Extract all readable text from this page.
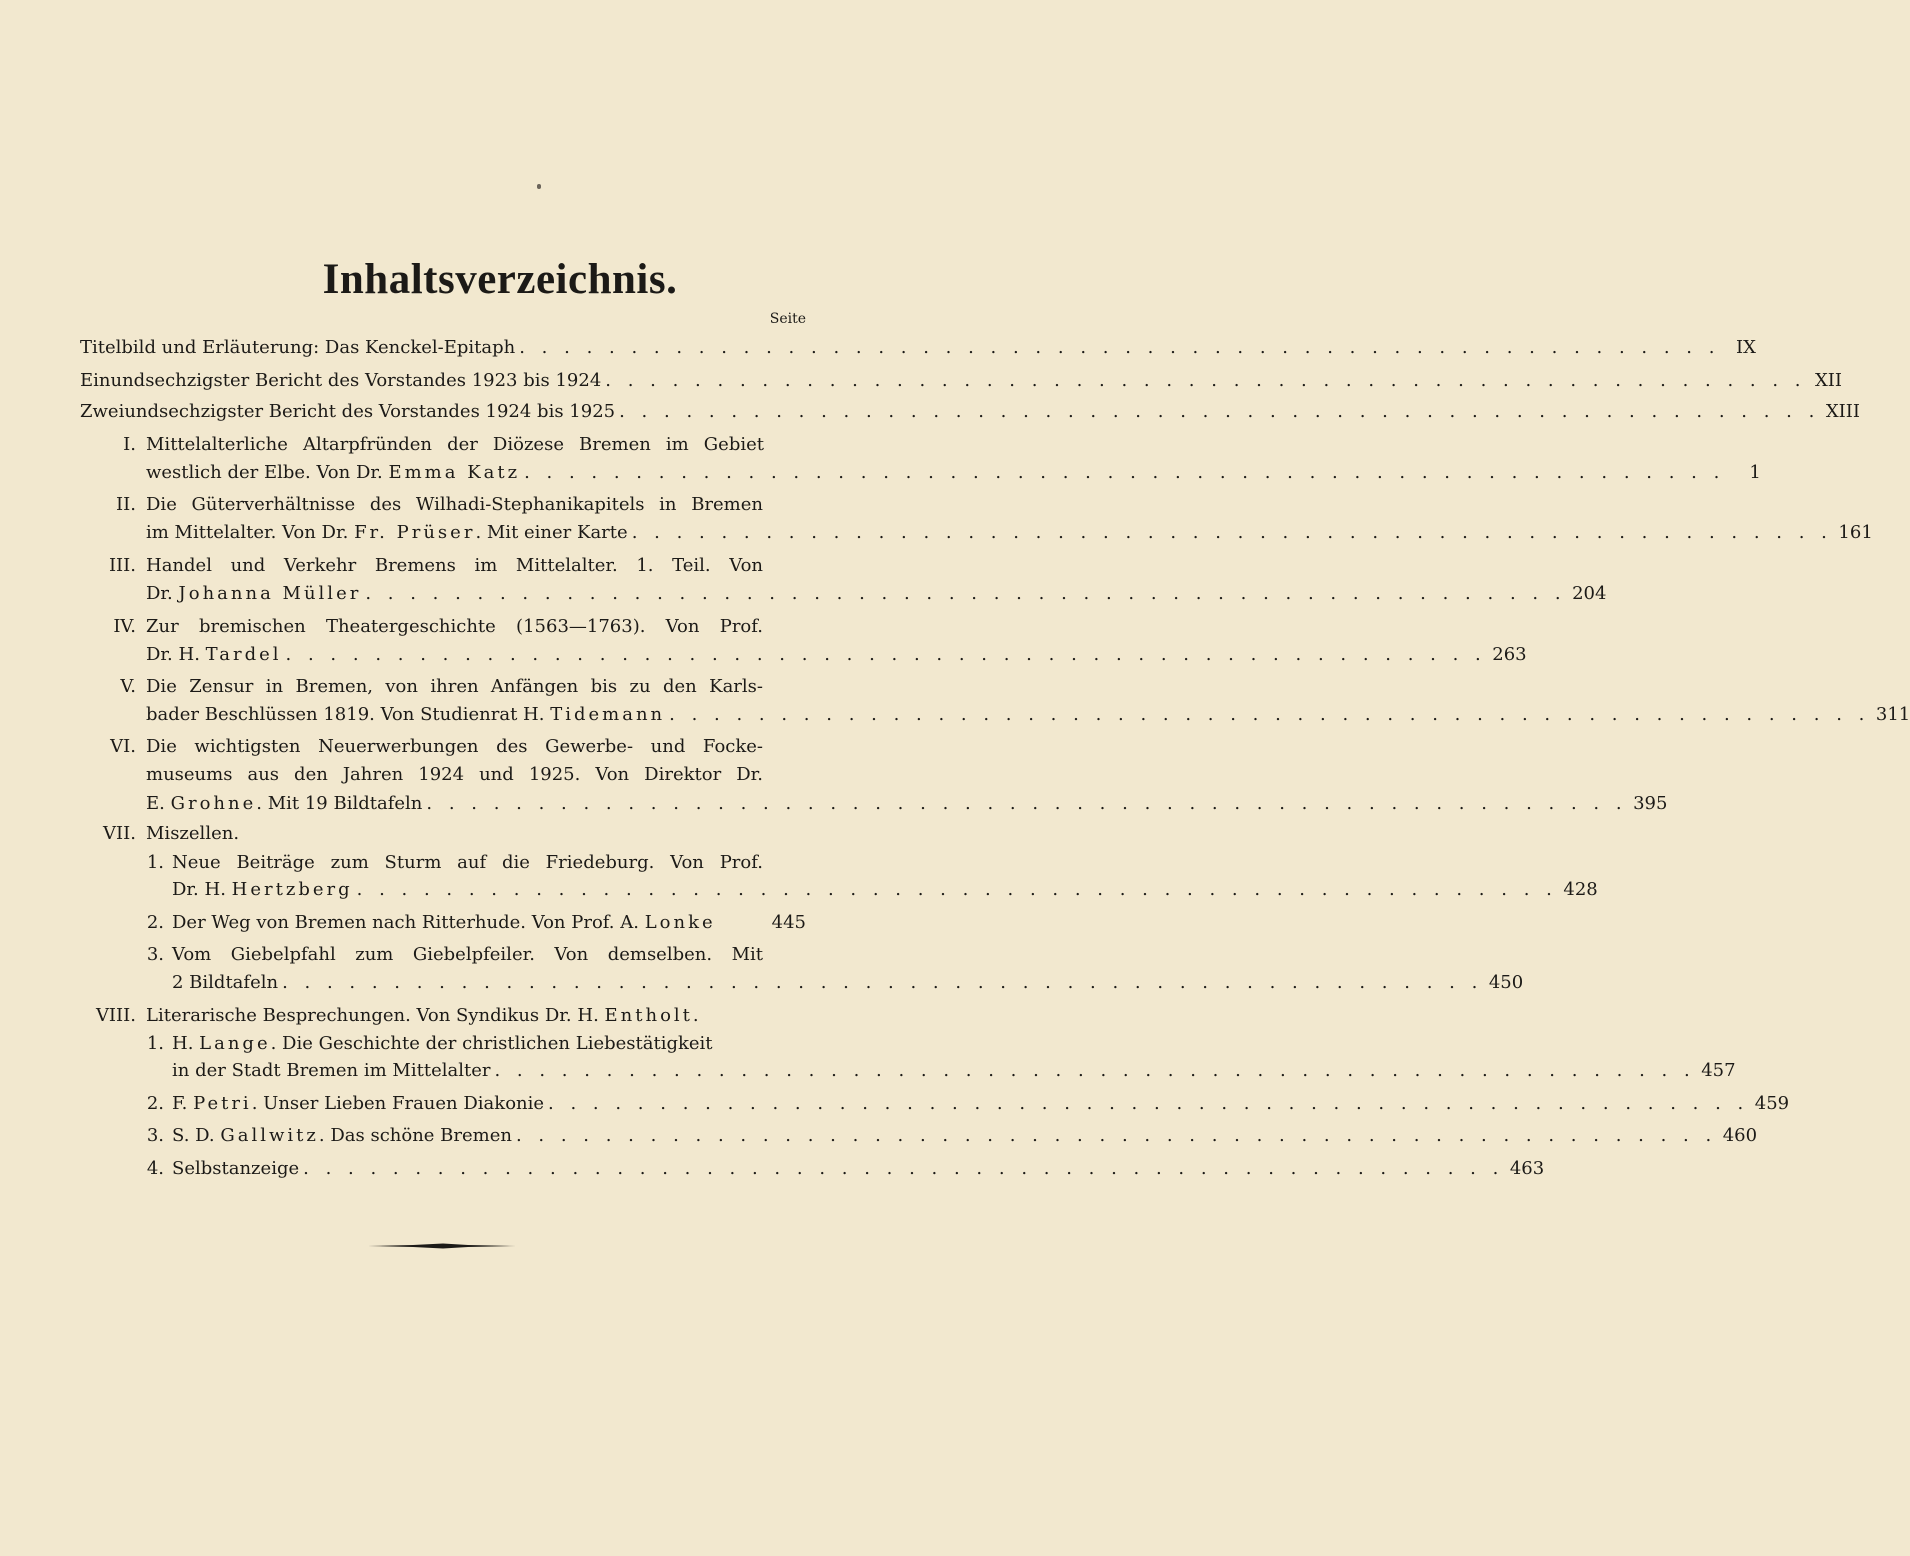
Inhaltsverzeichnis.
Seite
Titelbild und Erläuterung: Das Kenckel-Epitaph . . . . . . . . . . . . . . . . . . . . . . . . . . . . . . . . . . . . . . . . . . . . . . . . . . . . . . IX
Einundsechzigster Bericht des Vorstandes 1923 bis 1924 . . . . . . . . . . . . . . . . . . . . . . . . . . . . . . . . . . . . . . . . . . . . . . . . . . . . . . XII
Zweiundsechzigster Bericht des Vorstandes 1924 bis 1925 . . . . . . . . . . . . . . . . . . . . . . . . . . . . . . . . . . . . . . . . . . . . . . . . . . . . . . XIII
I. Mittelalterliche Altarpfründen der Diözese Bremen im Gebiet
westlich der Elbe. Von Dr. Emma Katz . . . . . . . . . . . . . . . . . . . . . . . . . . . . . . . . . . . . . . . . . . . . . . . . . . . . . .	1
II. Die Güterverhältnisse des Wilhadi-Stephanikapitels in Bremen
im Mittelalter. Von Dr. Fr. Prüser. Mit einer Karte . . . . . . . . . . . . . . . . . . . . . . . . . . . . . . . . . . . . . . . . . . . . . . . . . . . . . . 161
III. Handel und Verkehr Bremens im Mittelalter. 1. Teil. Von
Dr. Johanna Müller . . . . . . . . . . . . . . . . . . . . . . . . . . . . . . . . . . . . . . . . . . . . . . . . . . . . . . 204
IV. Zur bremischen Theatergeschichte (1563—1763). Von Prof.
Dr. H. Tardel . . . . . . . . . . . . . . . . . . . . . . . . . . . . . . . . . . . . . . . . . . . . . . . . . . . . . . 263
V. Die Zensur in Bremen, von ihren Anfängen bis zu den Karls-
bader Beschlüssen 1819. Von Studienrat H. Tidemann . . . . . . . . . . . . . . . . . . . . . . . . . . . . . . . . . . . . . . . . . . . . . . . . . . . . . . 311
VI. Die wichtigsten Neuerwerbungen des Gewerbe- und Focke-
museums aus den Jahren 1924 und 1925. Von Direktor Dr.
E. Grohne. Mit 19 Bildtafeln . . . . . . . . . . . . . . . . . . . . . . . . . . . . . . . . . . . . . . . . . . . . . . . . . . . . . . 395
VII. Miszellen.
1. Neue Beiträge zum Sturm auf die Friedeburg. Von Prof.
Dr. H. Hertzberg . . . . . . . . . . . . . . . . . . . . . . . . . . . . . . . . . . . . . . . . . . . . . . . . . . . . . . 428
2. Der Weg von Bremen nach Ritterhude. Von Prof. A. Lonke	445
3. Vom Giebelpfahl zum Giebelpfeiler. Von demselben. Mit
2 Bildtafeln . . . . . . . . . . . . . . . . . . . . . . . . . . . . . . . . . . . . . . . . . . . . . . . . . . . . . . 450
VIII. Literarische Besprechungen. Von Syndikus Dr. H. Entholt.
1. H. Lange. Die Geschichte der christlichen Liebestätigkeit
in der Stadt Bremen im Mittelalter . . . . . . . . . . . . . . . . . . . . . . . . . . . . . . . . . . . . . . . . . . . . . . . . . . . . . . 457
2. F. Petri. Unser Lieben Frauen Diakonie . . . . . . . . . . . . . . . . . . . . . . . . . . . . . . . . . . . . . . . . . . . . . . . . . . . . . . 459
3. S. D. Gallwitz. Das schöne Bremen . . . . . . . . . . . . . . . . . . . . . . . . . . . . . . . . . . . . . . . . . . . . . . . . . . . . . . 460
4. Selbstanzeige . . . . . . . . . . . . . . . . . . . . . . . . . . . . . . . . . . . . . . . . . . . . . . . . . . . . . . 463
